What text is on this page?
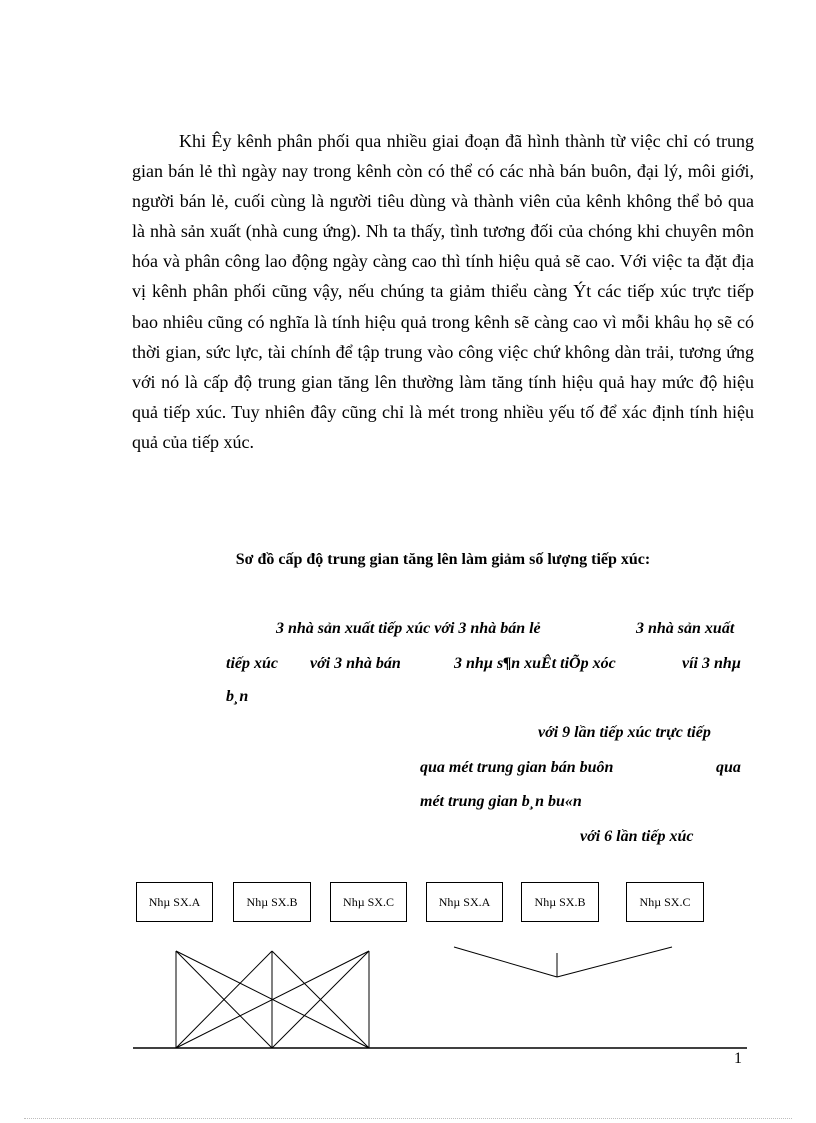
Khi Êy kênh phân phối qua nhiều giai đoạn đã hình thành từ việc chỉ có trung gian bán lẻ thì ngày nay trong kênh còn có thể có các nhà bán buôn, đại lý, môi giới, người bán lẻ, cuối cùng là người tiêu dùng và thành viên của kênh không thể bỏ qua là nhà sản xuất (nhà cung ứng). Nh ta thấy, tình tương đối của chóng khi chuyên môn hóa và phân công lao động ngày càng cao thì tính hiệu quả sẽ cao. Với việc ta đặt địa vị kênh phân phối cũng vậy, nếu chúng ta giảm thiểu càng Ýt các tiếp xúc trực tiếp bao nhiêu cũng có nghĩa là tính hiệu quả trong kênh sẽ càng cao vì mỗi khâu họ sẽ có thời gian, sức lực, tài chính để tập trung vào công việc chứ không dàn trải, tương ứng với nó là cấp độ trung gian tăng lên thường làm tăng tính hiệu quả hay mức độ hiệu quả tiếp xúc. Tuy nhiên đây cũng chỉ là mét trong nhiều yếu tố để xác định tính hiệu quả của tiếp xúc.

Sơ đồ cấp độ trung gian tăng lên làm giảm số lượng tiếp xúc:

3 nhà sản xuất tiếp xúc với 3 nhà bán lẻ	3 nhà sản xuất

tiếp xúc với 3 nhà bán	3 nhµ s¶n xuÊt tiÕp xóc	víi 3 nhµ

b¸n

với 9 lần tiếp xúc trực tiếp

qua mét trung gian bán buôn	qua

mét trung gian b¸n bu«n

với 6 lần tiếp xúc

Nhµ SX.A	Nhµ SX.B	Nhµ SX.C	Nhµ SX.A	Nhµ SX.B	Nhµ SX.C
1
